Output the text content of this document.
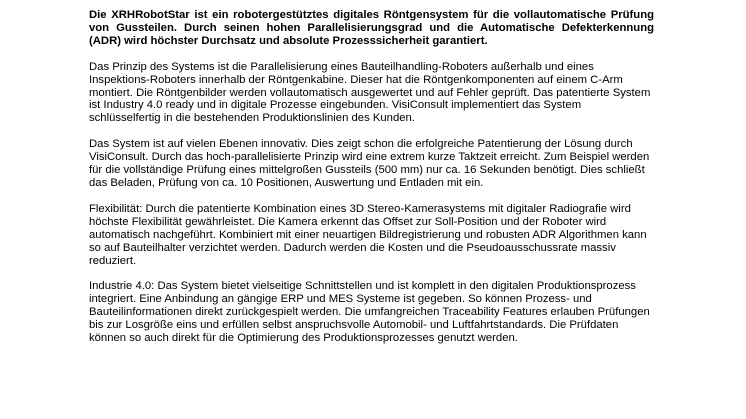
Die XRHRobotStar ist ein robotergestütztes digitales Röntgensystem für die vollautomatische Prüfung von Gussteilen. Durch seinen hohen Parallelisierungsgrad und die Automatische Defekterkennung (ADR) wird höchster Durchsatz und absolute Prozesssicherheit garantiert.

Das Prinzip des Systems ist die Parallelisierung eines Bauteilhandling-Roboters außerhalb und eines Inspektions-Roboters innerhalb der Röntgenkabine. Dieser hat die Röntgenkomponenten auf einem C-Arm montiert. Die Röntgenbilder werden vollautomatisch ausgewertet und auf Fehler geprüft. Das patentierte System ist Industry 4.0 ready und in digitale Prozesse eingebunden. VisiConsult implementiert das System schlüsselfertig in die bestehenden Produktionslinien des Kunden.

Das System ist auf vielen Ebenen innovativ. Dies zeigt schon die erfolgreiche Patentierung der Lösung durch VisiConsult. Durch das hoch-parallelisierte Prinzip wird eine extrem kurze Taktzeit erreicht. Zum Beispiel werden für die vollständige Prüfung eines mittelgroßen Gussteils (500 mm) nur ca. 16 Sekunden benötigt. Dies schließt das Beladen, Prüfung von ca. 10 Positionen, Auswertung und Entladen mit ein.

Flexibilität: Durch die patentierte Kombination eines 3D Stereo-Kamerasystems mit digitaler Radiografie wird höchste Flexibilität gewährleistet. Die Kamera erkennt das Offset zur Soll-Position und der Roboter wird automatisch nachgeführt. Kombiniert mit einer neuartigen Bildregistrierung und robusten ADR Algorithmen kann so auf Bauteilhalter verzichtet werden. Dadurch werden die Kosten und die Pseudoausschussrate massiv reduziert.

Industrie 4.0: Das System bietet vielseitige Schnittstellen und ist komplett in den digitalen Produktionsprozess integriert. Eine Anbindung an gängige ERP und MES Systeme ist gegeben. So können Prozess- und Bauteilinformationen direkt zurückgespielt werden. Die umfangreichen Traceability Features erlauben Prüfungen bis zur Losgröße eins und erfüllen selbst anspruchsvolle Automobil- und Luftfahrtstandards. Die Prüfdaten können so auch direkt für die Optimierung des Produktionsprozesses genutzt werden.
